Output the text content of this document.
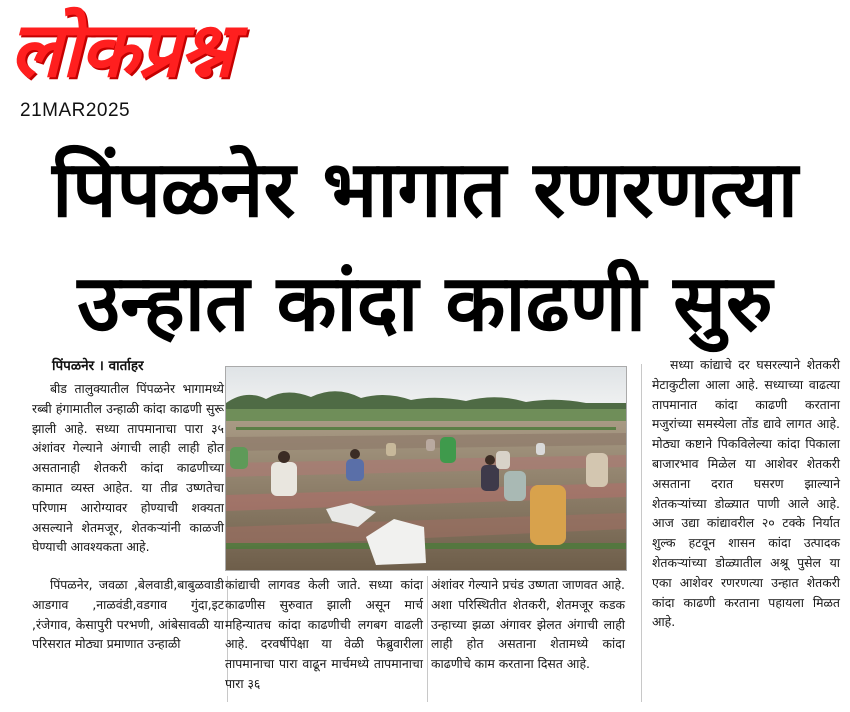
लोकप्रश्न
21MAR2025
पिंपळनेर भागात रणरणत्या
उन्हात कांदा काढणी सुरु
पिंपळनेर । वार्ताहर

बीड तालुक्यातील पिंपळनेर भागामध्ये रब्बी हंगामातील उन्हाळी कांदा काढणी सुरू झाली आहे. सध्या तापमानाचा पारा ३५ अंशांवर गेल्याने अंगाची लाही लाही होत असतानाही शेतकरी कांदा काढणीच्या कामात व्यस्त आहेत. या तीव्र उष्णतेचा परिणाम आरोग्यावर होण्याची शक्यता असल्याने शेतमजूर, शेतकऱ्यांनी काळजी घेण्याची आवश्यकता आहे.

पिंपळनेर, जवळा ,बेलवाडी,बाबुळवाडी आडगाव ,नाळवंडी,वडगाव गुंदा,इट ,रंजेगाव, केसापुरी परभणी, आंबेसावळी या परिसरात मोठ्या प्रमाणात उन्हाळी

कांद्याची लागवड केली जाते. सध्या कांदा काढणीस सुरुवात झाली असून मार्च महिन्यातच कांदा काढणीची लगबग वाढली आहे. दरवर्षीपेक्षा या वेळी फेब्रुवारीला तापमानाचा पारा वाढून मार्चमध्ये तापमानाचा पारा ३६

अंशांवर गेल्याने प्रचंड उष्णता जाणवत आहे. अशा परिस्थितीत शेतकरी, शेतमजूर कडक उन्हाच्या झळा अंगावर झेलत अंगाची लाही लाही होत असताना शेतामध्ये कांदा काढणीचे काम करताना दिसत आहे.

सध्या कांद्याचे दर घसरल्याने शेतकरी मेटाकुटीला आला आहे. सध्याच्या वाढत्या तापमानात कांदा काढणी करताना मजुरांच्या समस्येला तोंड द्यावे लागत आहे. मोठ्या कष्टाने पिकविलेल्या कांदा पिकाला बाजारभाव मिळेल या आशेवर शेतकरी असताना दरात घसरण झाल्याने शेतकऱ्यांच्या डोळ्यात पाणी आले आहे. आज उद्या कांद्यावरील २० टक्के निर्यात शुल्क हटवून शासन कांदा उत्पादक शेतकऱ्यांच्या डोळ्यातील अश्रू पुसेल या एका आशेवर रणरणत्या उन्हात शेतकरी कांदा काढणी करताना पहायला मिळत आहे.
